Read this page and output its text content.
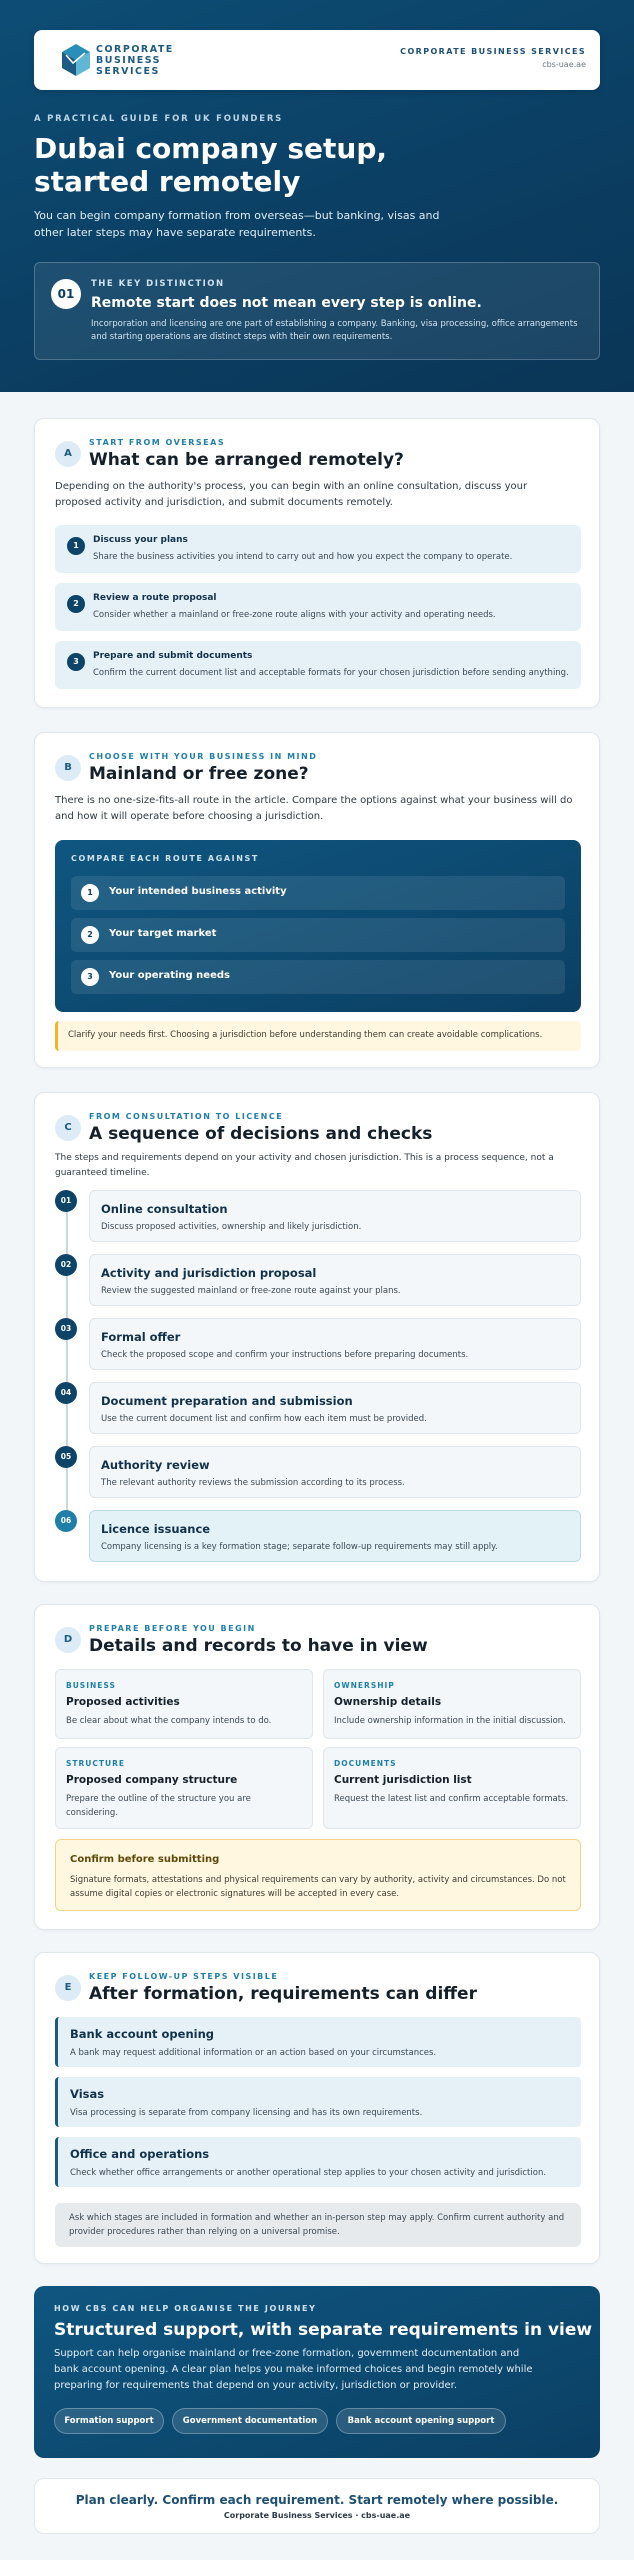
CORPORATE
BUSINESS
SERVICES
CORPORATE BUSINESS SERVICES
cbs-uae.ae
A PRACTICAL GUIDE FOR UK FOUNDERS
Dubai company setup, started remotely
You can begin company formation from overseas—but banking, visas and other later steps may have separate requirements.
01
THE KEY DISTINCTION
Remote start does not mean every step is online.
Incorporation and licensing are one part of establishing a company. Banking, visa processing, office arrangements and starting operations are distinct steps with their own requirements.
A
START FROM OVERSEAS
What can be arranged remotely?
Depending on the authority's process, you can begin with an online consultation, discuss your proposed activity and jurisdiction, and submit documents remotely.
1
Discuss your plans
Share the business activities you intend to carry out and how you expect the company to operate.
2
Review a route proposal
Consider whether a mainland or free-zone route aligns with your activity and operating needs.
3
Prepare and submit documents
Confirm the current document list and acceptable formats for your chosen jurisdiction before sending anything.
B
CHOOSE WITH YOUR BUSINESS IN MIND
Mainland or free zone?
There is no one-size-fits-all route in the article. Compare the options against what your business will do and how it will operate before choosing a jurisdiction.
COMPARE EACH ROUTE AGAINST
1	Your intended business activity
2	Your target market
3	Your operating needs
Clarify your needs first. Choosing a jurisdiction before understanding them can create avoidable complications.
C
FROM CONSULTATION TO LICENCE
A sequence of decisions and checks
The steps and requirements depend on your activity and chosen jurisdiction. This is a process sequence, not a guaranteed timeline.
01
Online consultation
Discuss proposed activities, ownership and likely jurisdiction.
02
Activity and jurisdiction proposal
Review the suggested mainland or free-zone route against your plans.
03
Formal offer
Check the proposed scope and confirm your instructions before preparing documents.
04
Document preparation and submission
Use the current document list and confirm how each item must be provided.
05
Authority review
The relevant authority reviews the submission according to its process.
06
Licence issuance
Company licensing is a key formation stage; separate follow-up requirements may still apply.
D
PREPARE BEFORE YOU BEGIN
Details and records to have in view
BUSINESS
Proposed activities
Be clear about what the company intends to do.
OWNERSHIP
Ownership details
Include ownership information in the initial discussion.
STRUCTURE
Proposed company structure
Prepare the outline of the structure you are considering.
DOCUMENTS
Current jurisdiction list
Request the latest list and confirm acceptable formats.
Confirm before submitting
Signature formats, attestations and physical requirements can vary by authority, activity and circumstances. Do not assume digital copies or electronic signatures will be accepted in every case.
E
KEEP FOLLOW-UP STEPS VISIBLE
After formation, requirements can differ
Bank account opening
A bank may request additional information or an action based on your circumstances.
Visas
Visa processing is separate from company licensing and has its own requirements.
Office and operations
Check whether office arrangements or another operational step applies to your chosen activity and jurisdiction.
Ask which stages are included in formation and whether an in-person step may apply. Confirm current authority and provider procedures rather than relying on a universal promise.
HOW CBS CAN HELP ORGANISE THE JOURNEY
Structured support, with separate requirements in view
Support can help organise mainland or free-zone formation, government documentation and bank account opening. A clear plan helps you make informed choices and begin remotely while preparing for requirements that depend on your activity, jurisdiction or provider.
Formation support	Government documentation	Bank account opening support
Plan clearly. Confirm each requirement. Start remotely where possible.
Corporate Business Services · cbs-uae.ae
